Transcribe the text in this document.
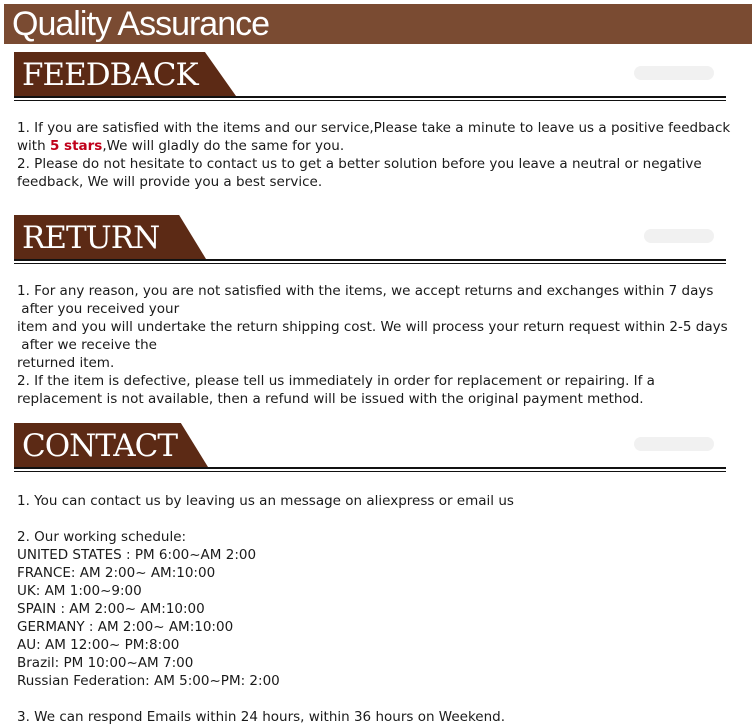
Quality Assurance
FEEDBACK
1. If you are satisfied with the items and our service,Please take a minute to leave us a positive feedback
with 5 stars,We will gladly do the same for you.
2. Please do not hesitate to contact us to get a better solution before you leave a neutral or negative
feedback, We will provide you a best service.
RETURN
1. For any reason, you are not satisfied with the items, we accept returns and exchanges within 7 days
after you received your
item and you will undertake the return shipping cost. We will process your return request within 2-5 days
after we receive the
returned item.
2. If the item is defective, please tell us immediately in order for replacement or repairing. If a
replacement is not available, then a refund will be issued with the original payment method.
CONTACT
1. You can contact us by leaving us an message on aliexpress or email us
2. Our working schedule:
UNITED STATES : PM 6:00~AM 2:00
FRANCE: AM 2:00~ AM:10:00
UK: AM 1:00~9:00
SPAIN : AM 2:00~ AM:10:00
GERMANY : AM 2:00~ AM:10:00
AU: AM 12:00~ PM:8:00
Brazil: PM 10:00~AM 7:00
Russian Federation: AM 5:00~PM: 2:00
3. We can respond Emails within 24 hours, within 36 hours on Weekend.
